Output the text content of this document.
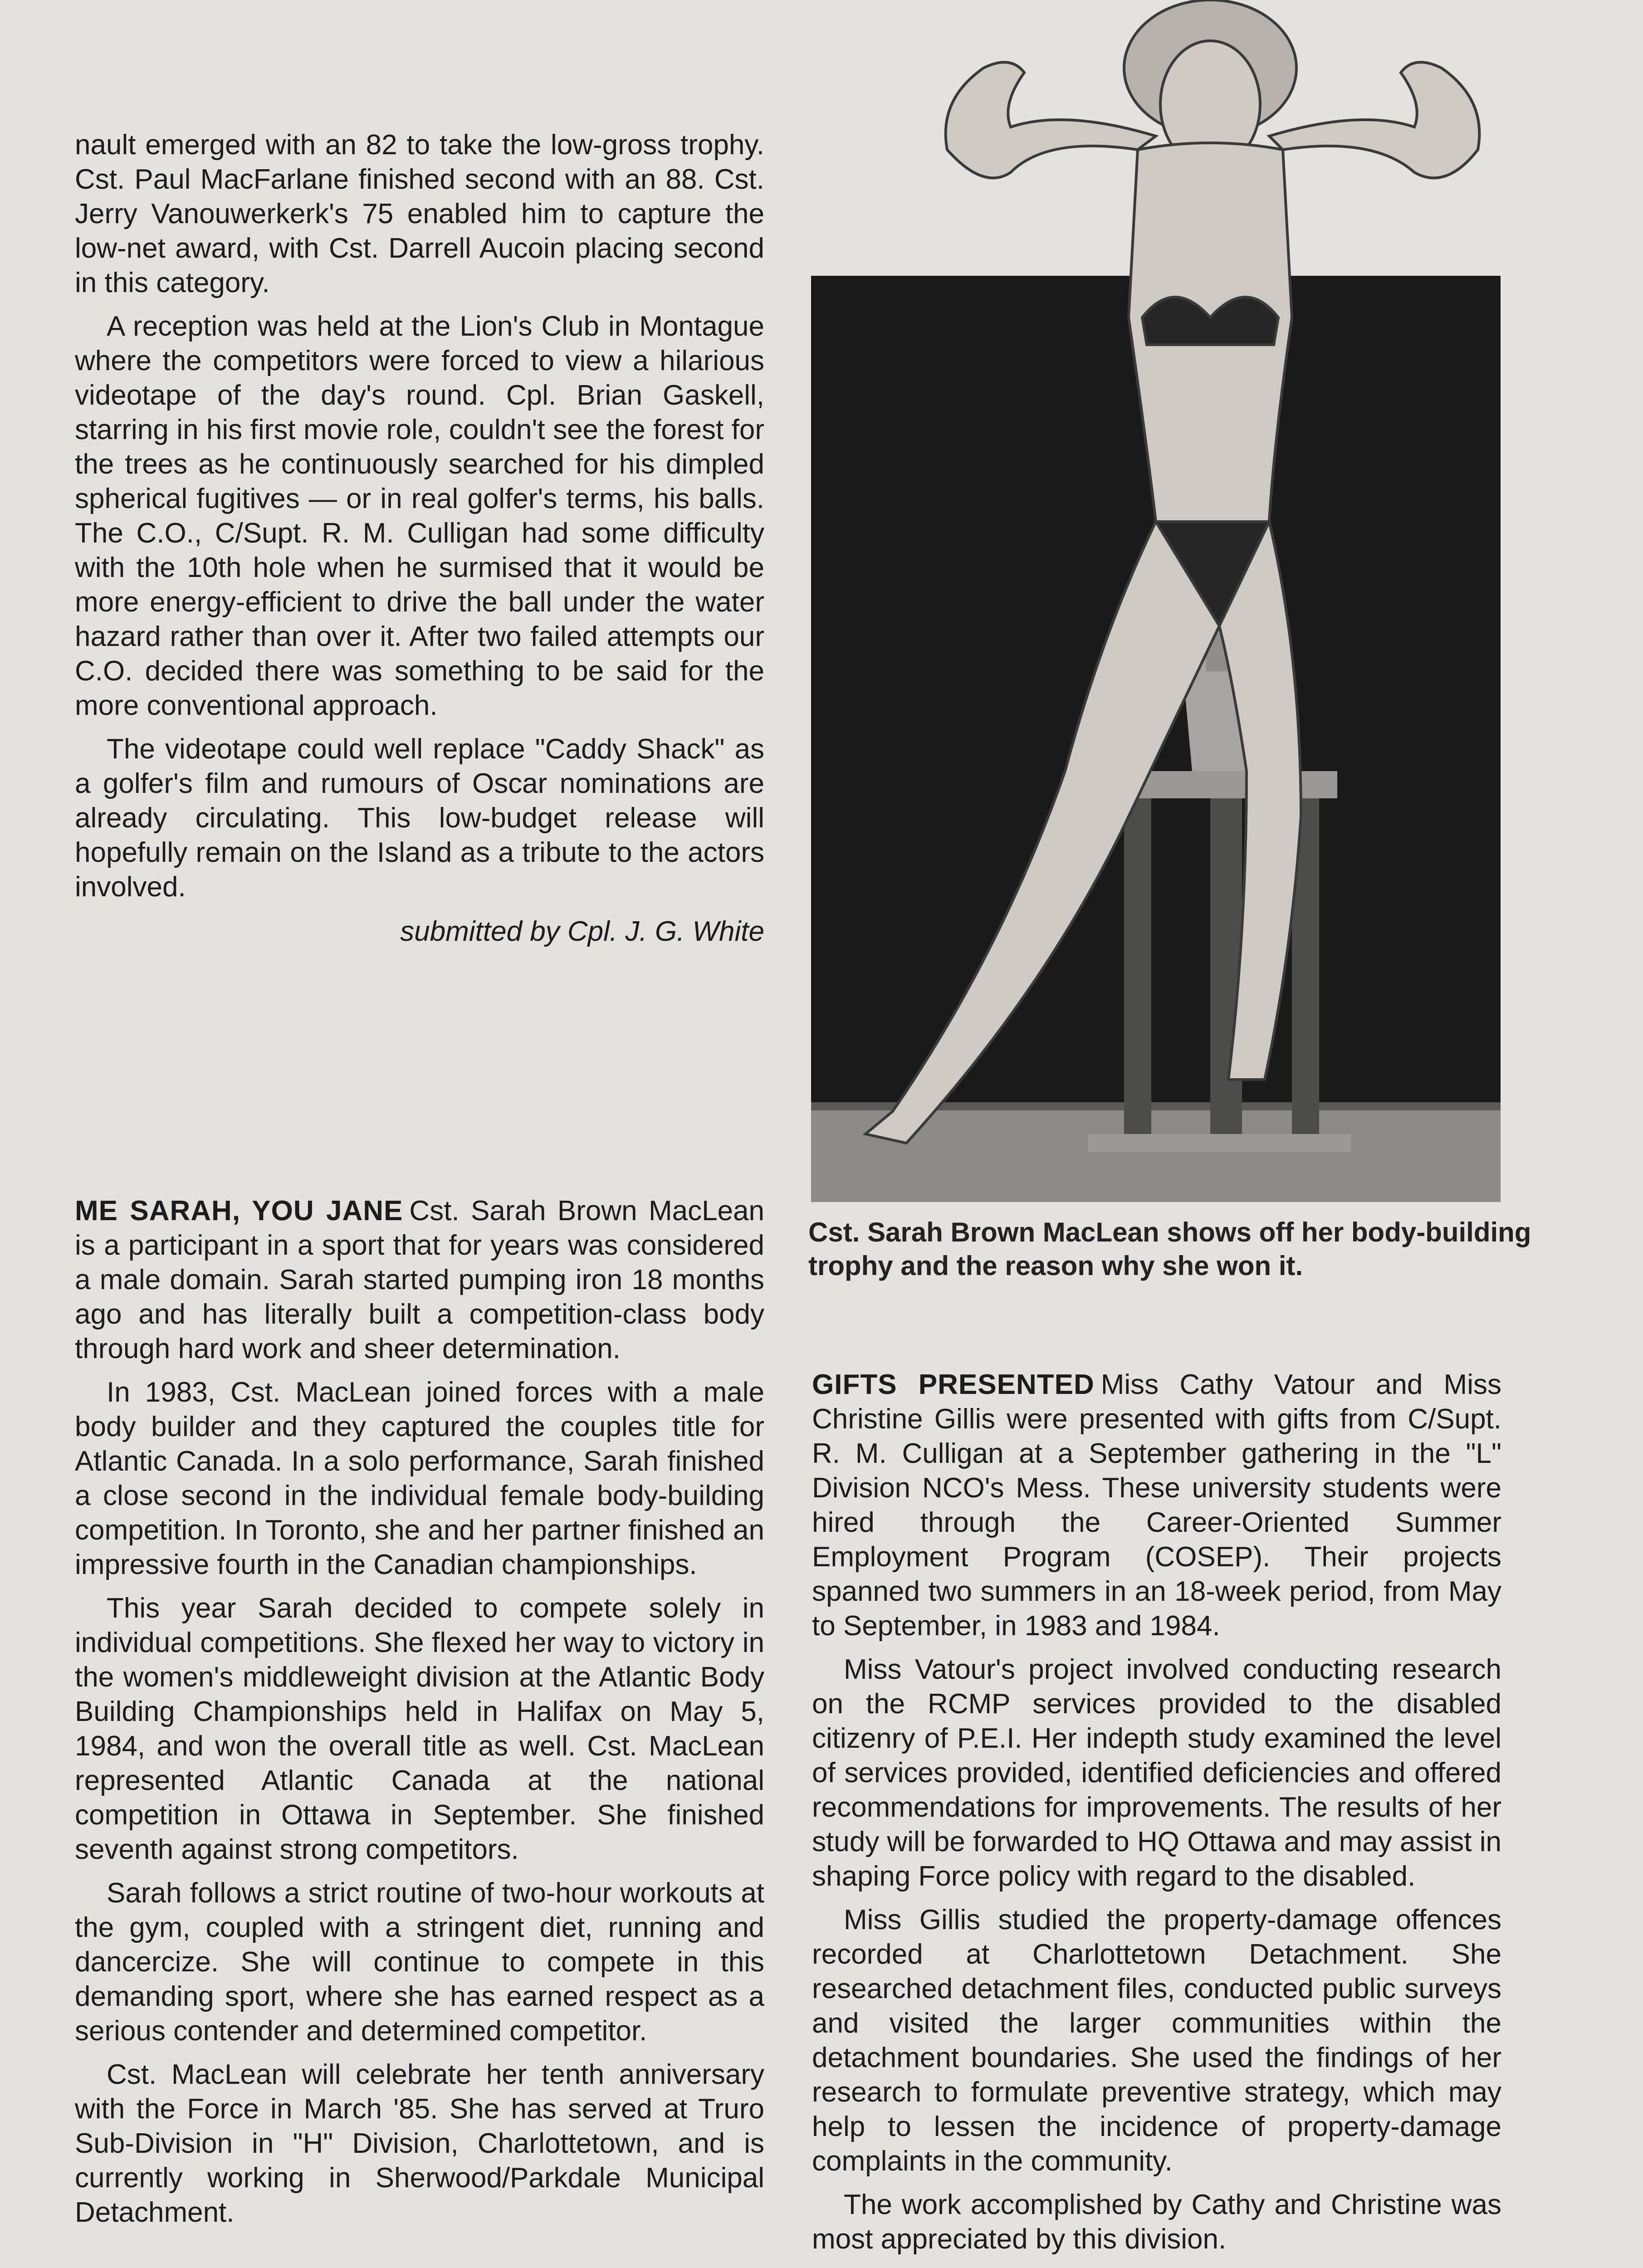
nault emerged with an 82 to take the low-gross trophy. Cst. Paul MacFarlane finished second with an 88. Cst. Jerry Vanouwerkerk's 75 enabled him to capture the low-net award, with Cst. Darrell Aucoin placing second in this category.

A reception was held at the Lion's Club in Montague where the competitors were forced to view a hilarious videotape of the day's round. Cpl. Brian Gaskell, starring in his first movie role, couldn't see the forest for the trees as he continuously searched for his dimpled spherical fugitives — or in real golfer's terms, his balls. The C.O., C/Supt. R. M. Culligan had some difficulty with the 10th hole when he surmised that it would be more energy-efficient to drive the ball under the water hazard rather than over it. After two failed attempts our C.O. decided there was something to be said for the more conventional approach.

The videotape could well replace "Caddy Shack" as a golfer's film and rumours of Oscar nominations are already circulating. This low-budget release will hopefully remain on the Island as a tribute to the actors involved.

submitted by Cpl. J. G. White

Cst. Sarah Brown MacLean shows off her body-building trophy and the reason why she won it.

ME SARAH, YOU JANE Cst. Sarah Brown MacLean is a participant in a sport that for years was considered a male domain. Sarah started pumping iron 18 months ago and has literally built a competition-class body through hard work and sheer determination.

In 1983, Cst. MacLean joined forces with a male body builder and they captured the couples title for Atlantic Canada. In a solo performance, Sarah finished a close second in the individual female body-building competition. In Toronto, she and her partner finished an impressive fourth in the Canadian championships.

This year Sarah decided to compete solely in individual competitions. She flexed her way to victory in the women's middleweight division at the Atlantic Body Building Championships held in Halifax on May 5, 1984, and won the overall title as well. Cst. MacLean represented Atlantic Canada at the national competition in Ottawa in September. She finished seventh against strong competitors.

Sarah follows a strict routine of two-hour workouts at the gym, coupled with a stringent diet, running and dancercize. She will continue to compete in this demanding sport, where she has earned respect as a serious contender and determined competitor.

Cst. MacLean will celebrate her tenth anniversary with the Force in March '85. She has served at Truro Sub-Division in "H" Division, Charlottetown, and is currently working in Sherwood/Parkdale Municipal Detachment.

GIFTS PRESENTED Miss Cathy Vatour and Miss Christine Gillis were presented with gifts from C/Supt. R. M. Culligan at a September gathering in the "L" Division NCO's Mess. These university students were hired through the Career-Oriented Summer Employment Program (COSEP). Their projects spanned two summers in an 18-week period, from May to September, in 1983 and 1984.

Miss Vatour's project involved conducting research on the RCMP services provided to the disabled citizenry of P.E.I. Her indepth study examined the level of services provided, identified deficiencies and offered recommendations for improvements. The results of her study will be forwarded to HQ Ottawa and may assist in shaping Force policy with regard to the disabled.

Miss Gillis studied the property-damage offences recorded at Charlottetown Detachment. She researched detachment files, conducted public surveys and visited the larger communities within the detachment boundaries. She used the findings of her research to formulate preventive strategy, which may help to lessen the incidence of property-damage complaints in the community.

The work accomplished by Cathy and Christine was most appreciated by this division.
